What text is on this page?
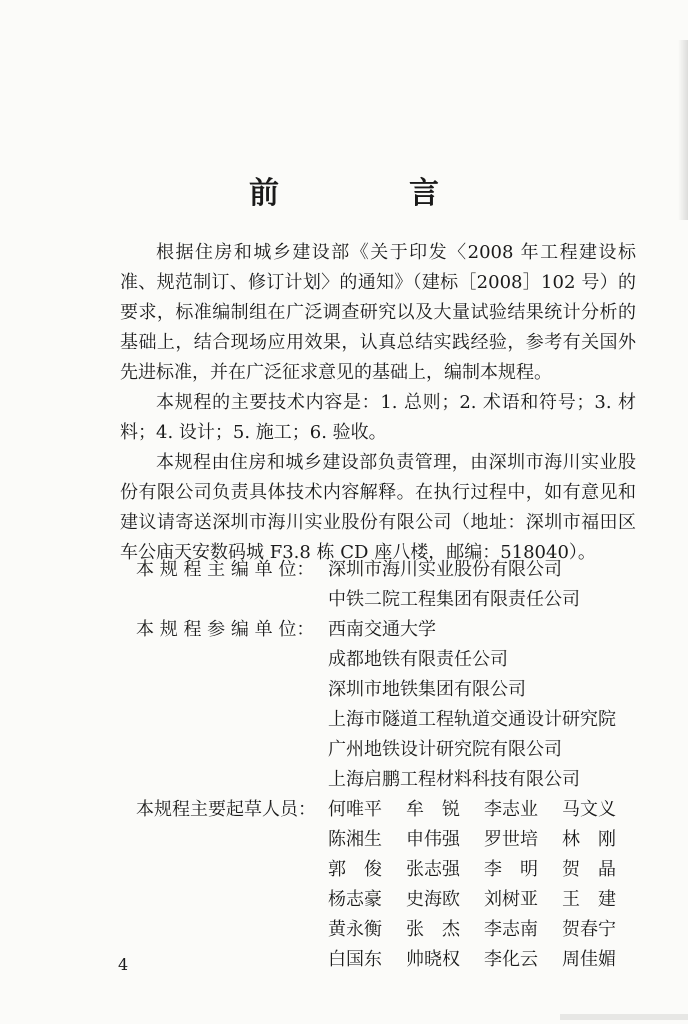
前　言

根据住房和城乡建设部《关于印发〈2008 年工程建设标准、规范制订、修订计划〉的通知》（建标［2008］102 号）的要求，标准编制组在广泛调查研究以及大量试验结果统计分析的基础上，结合现场应用效果，认真总结实践经验，参考有关国外先进标准，并在广泛征求意见的基础上，编制本规程。

本规程的主要技术内容是：1. 总则；2. 术语和符号；3. 材料；4. 设计；5. 施工；6. 验收。

本规程由住房和城乡建设部负责管理，由深圳市海川实业股份有限公司负责具体技术内容解释。在执行过程中，如有意见和建议请寄送深圳市海川实业股份有限公司（地址：深圳市福田区车公庙天安数码城 F3.8 栋 CD 座八楼，邮编：518040）。

本 规 程 主 编 单 位： 深圳市海川实业股份有限公司
中铁二院工程集团有限责任公司
本 规 程 参 编 单 位： 西南交通大学
成都地铁有限责任公司
深圳市地铁集团有限公司
上海市隧道工程轨道交通设计研究院
广州地铁设计研究院有限公司
上海启鹏工程材料科技有限公司
本规程主要起草人员： 何唯平	牟　锐	李志业	马文义
陈湘生	申伟强	罗世培	林　刚
郭　俊	张志强	李　明	贺　晶
杨志豪	史海欧	刘树亚	王　建
黄永衡	张　杰	李志南	贺春宁
白国东	帅晓权	李化云	周佳媚
4
